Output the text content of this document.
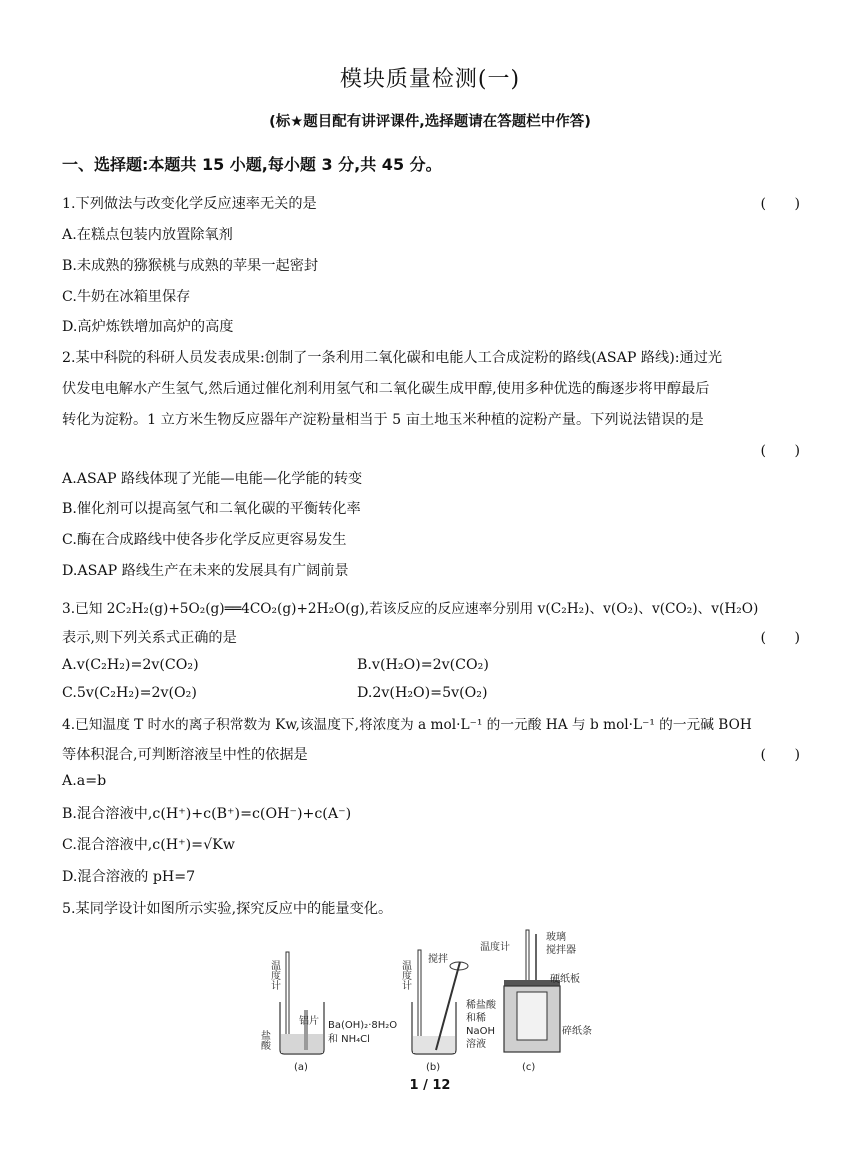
模块质量检测(一)
(标★题目配有讲评课件,选择题请在答题栏中作答)
一、选择题:本题共 15 小题,每小题 3 分,共 45 分。
1.下列做法与改变化学反应速率无关的是	(　　)
A.在糕点包装内放置除氧剂
B.未成熟的猕猴桃与成熟的苹果一起密封
C.牛奶在冰箱里保存
D.高炉炼铁增加高炉的高度
2.某中科院的科研人员发表成果:创制了一条利用二氧化碳和电能人工合成淀粉的路线(ASAP 路线):通过光
伏发电电解水产生氢气,然后通过催化剂利用氢气和二氧化碳生成甲醇,使用多种优选的酶逐步将甲醇最后
转化为淀粉。1 立方米生物反应器年产淀粉量相当于 5 亩土地玉米种植的淀粉产量。下列说法错误的是
(　　)
A.ASAP 路线体现了光能—电能—化学能的转变
B.催化剂可以提高氢气和二氧化碳的平衡转化率
C.酶在合成路线中使各步化学反应更容易发生
D.ASAP 路线生产在未来的发展具有广阔前景
3.已知 2C₂H₂(g)+5O₂(g)══4CO₂(g)+2H₂O(g),若该反应的反应速率分别用 v(C₂H₂)、v(O₂)、v(CO₂)、v(H₂O)
表示,则下列关系式正确的是	(　　)
A.v(C₂H₂)=2v(CO₂)	B.v(H₂O)=2v(CO₂)
C.5v(C₂H₂)=2v(O₂)	D.2v(H₂O)=5v(O₂)
4.已知温度 T 时水的离子积常数为 Kw,该温度下,将浓度为 a mol·L⁻¹ 的一元酸 HA 与 b mol·L⁻¹ 的一元碱 BOH
等体积混合,可判断溶液呈中性的依据是	(　　)
A.a=b
B.混合溶液中,c(H⁺)+c(B⁺)=c(OH⁻)+c(A⁻)
C.混合溶液中,c(H⁺)=√Kw
D.混合溶液的 pH=7
5.某同学设计如图所示实验,探究反应中的能量变化。
温度计
铝片
盐酸
Ba(OH)₂·8H₂O
和 NH₄Cl
(a)
温度计
搅拌
(b)
温度计
玻璃
搅拌器
硬纸板
稀盐酸
和稀
NaOH
溶液
碎纸条
(c)
1 / 12
